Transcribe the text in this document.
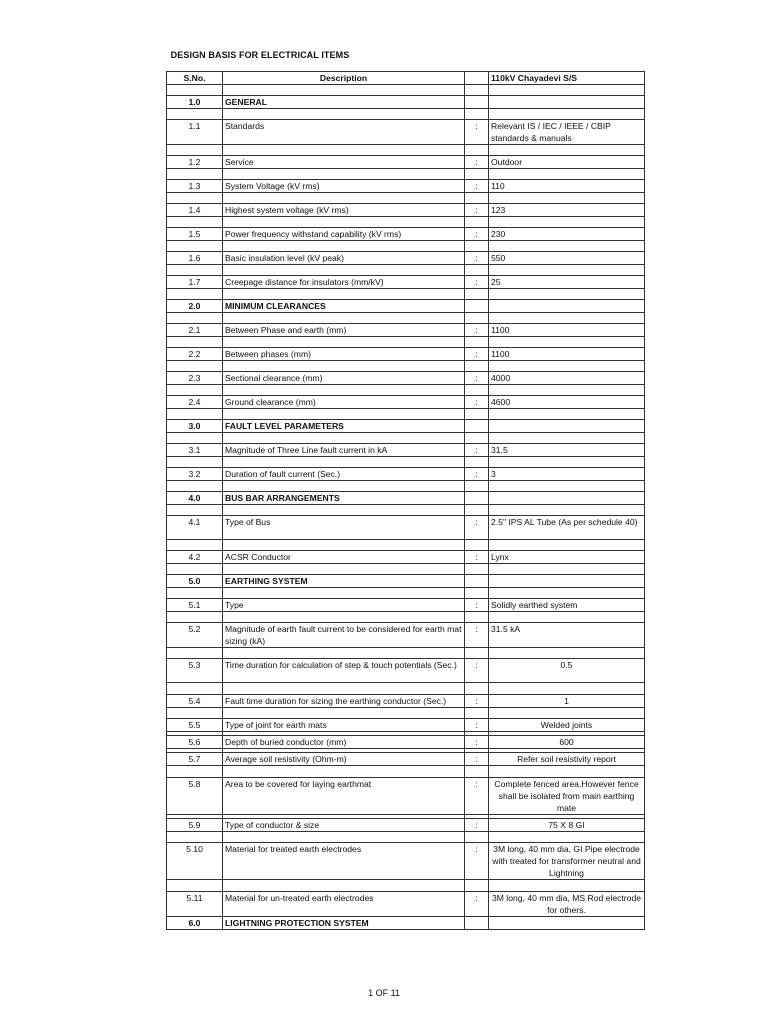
DESIGN BASIS FOR ELECTRICAL ITEMS
S.No.	Description		110kV Chayadevi S/S

1.0	GENERAL		

1.1	Standards	:	Relevant IS / IEC / IEEE / CBIP standards & manuals

1.2	Service	:	Outdoor

1.3	System Voltage (kV rms)	:	110

1.4	Highest system voltage (kV rms)	:	123

1.5	Power frequency withstand capability (kV rms)	:	230

1.6	Basic insulation level (kV peak)	:	550

1.7	Creepage distance for insulators (mm/kV)	:	25

2.0	MINIMUM CLEARANCES		

2.1	Between Phase and earth (mm)	:	1100

2.2	Between phases (mm)	:	1100

2.3	Sectional clearance (mm)	:	4000

2.4	Ground clearance (mm)	:	4600

3.0	FAULT LEVEL PARAMETERS		

3.1	Magnitude of Three Line fault current in kA	:	31.5

3.2	Duration of fault current (Sec.)	:	3

4.0	BUS BAR ARRANGEMENTS		

4.1	Type of Bus	:	2.5" IPS AL Tube (As per schedule 40)

4.2	ACSR Conductor	:	Lynx

5.0	EARTHING SYSTEM		

5.1	Type	:	Solidly earthed system

5.2	Magnitude of earth fault current to be considered for earth mat sizing (kA)	:	31.5 kA

5.3	Time duration for calculation of step & touch potentials (Sec.)	:	0.5

5.4	Fault time duration for sizing the earthing conductor (Sec.)	:	1

5.5	Type of joint for earth mats	:	Welded joints

5.6	Depth of buried conductor (mm)	:	600

5.7	Average soil resistivity (Ohm-m)	:	Refer soil resistivity report

5.8	Area to be covered for laying earthmat	:	Complete fenced area.However fence shall be isolated from main earthing mate

5.9	Type of conductor & size	:	75 X 8 GI

5.10	Material for treated earth electrodes	:	3M long, 40 mm dia, GI Pipe electrode with treated for transformer neutral and Lightning

5.11	Material for un-treated earth electrodes	:	3M long, 40 mm dia, MS Rod electrode for others.
6.0	LIGHTNING PROTECTION SYSTEM		
1 OF 11
